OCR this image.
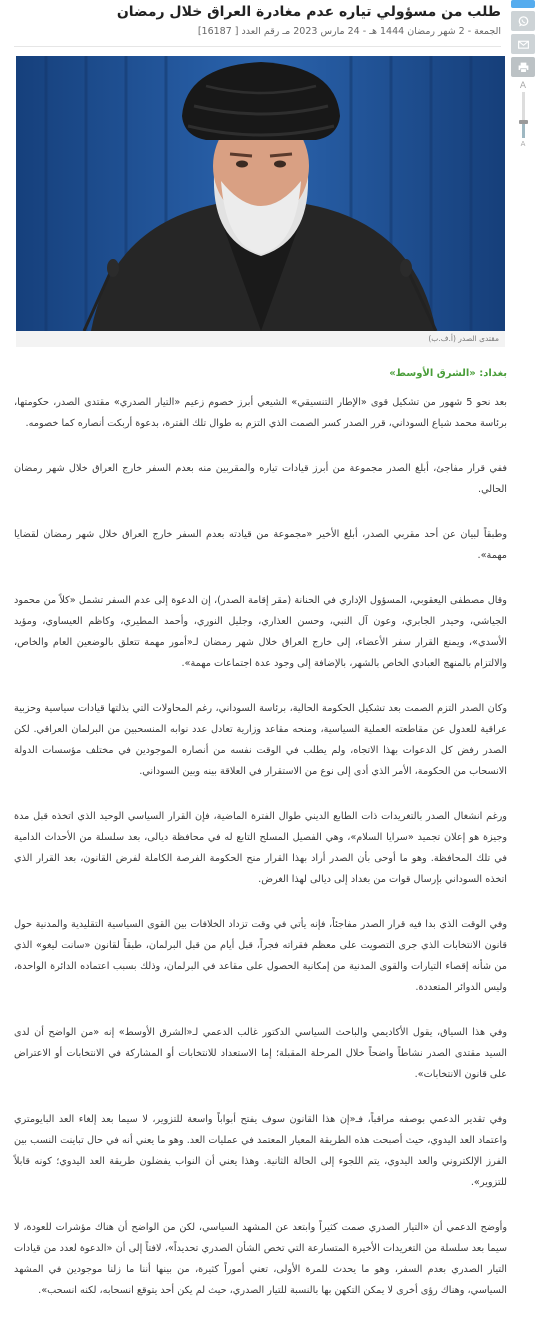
طلب من مسؤولي تياره عدم مغادرة العراق خلال رمضان
الجمعة - 2 شهر رمضان 1444 هـ - 24 مارس 2023 مـ رقم العدد [ 16187]
A
A
مقتدى الصدر (أ.ف.ب)
بغداد: «الشرق الأوسط»

بعد نحو 5 شهور من تشكيل قوى «الإطار التنسيقي» الشيعي أبرز خصوم زعيم «التيار الصدري» مقتدى الصدر، حكومتها، برئاسة محمد شياع السوداني، قرر الصدر كسر الصمت الذي التزم به طوال تلك الفترة، بدعوة أربكت أنصاره كما خصومه.

ففي قرار مفاجئ، أبلغ الصدر مجموعة من أبرز قيادات تياره والمقربين منه بعدم السفر خارج العراق خلال شهر رمضان الحالي.

وطبقاً لبيان عن أحد مقربي الصدر، أبلغ الأخير «مجموعة من قيادته بعدم السفر خارج العراق خلال شهر رمضان لقضايا مهمة».

وقال مصطفى اليعقوبي، المسؤول الإداري في الحنانة (مقر إقامة الصدر)، إن الدعوة إلى عدم السفر تشمل «كلاً من محمود الجياشي، وحيدر الجابري، وعون آل النبي، وحسن العذاري، وجليل النوري، وأحمد المطيري، وكاظم العيساوي، ومؤيد الأسدي»، ويمنع القرار سفر الأعضاء، إلى خارج العراق خلال شهر رمضان لـ«أمور مهمة تتعلق بالوضعين العام والخاص، والالتزام بالمنهج العبادي الخاص بالشهر، بالإضافة إلى وجود عدة اجتماعات مهمة».

وكان الصدر التزم الصمت بعد تشكيل الحكومة الحالية، برئاسة السوداني، رغم المحاولات التي بذلتها قيادات سياسية وحزبية عراقية للعدول عن مقاطعته العملية السياسية، ومنحه مقاعد وزارية تعادل عدد نوابه المنسحبين من البرلمان العراقي. لكن الصدر رفض كل الدعوات بهذا الاتجاه، ولم يطلب في الوقت نفسه من أنصاره الموجودين في مختلف مؤسسات الدولة الانسحاب من الحكومة، الأمر الذي أدى إلى نوع من الاستقرار في العلاقة بينه وبين السوداني.

ورغم انشغال الصدر بالتغريدات ذات الطابع الديني طوال الفترة الماضية، فإن القرار السياسي الوحيد الذي اتخذه قبل مدة وجيزة هو إعلان تجميد «سرايا السلام»، وهي الفصيل المسلح التابع له في محافظة ديالى، بعد سلسلة من الأحداث الدامية في تلك المحافظة. وهو ما أوحى بأن الصدر أراد بهذا القرار منح الحكومة الفرصة الكاملة لفرض القانون، بعد القرار الذي اتخذه السوداني بإرسال قوات من بغداد إلى ديالى لهذا الغرض.

وفي الوقت الذي بدا فيه قرار الصدر مفاجئاً، فإنه يأتي في وقت تزداد الخلافات بين القوى السياسية التقليدية والمدنية حول قانون الانتخابات الذي جرى التصويت على معظم فقراته فجراً، قبل أيام من قبل البرلمان، طبقاً لقانون «سانت ليغو» الذي من شأنه إقصاء التيارات والقوى المدنية من إمكانية الحصول على مقاعد في البرلمان، وذلك بسبب اعتماده الدائرة الواحدة، وليس الدوائر المتعددة.

وفي هذا السياق، يقول الأكاديمي والباحث السياسي الدكتور غالب الدعمي لـ«الشرق الأوسط» إنه «من الواضح أن لدى السيد مقتدى الصدر نشاطاً واضحاً خلال المرحلة المقبلة؛ إما الاستعداد للانتخابات أو المشاركة في الانتخابات أو الاعتراض على قانون الانتخابات».

وفي تقدير الدعمي بوصفه مراقباً، فـ«إن هذا القانون سوف يفتح أبواباً واسعة للتزوير، لا سيما بعد إلغاء العد البايومتري واعتماد العد اليدوي، حيث أصبحت هذه الطريقة المعيار المعتمد في عمليات العد. وهو ما يعني أنه في حال تباينت النسب بين الفرز الإلكتروني والعد اليدوي، يتم اللجوء إلى الحالة الثانية. وهذا يعني أن النواب يفضلون طريقة العد اليدوي؛ كونه قابلاً للتزوير».

وأوضح الدعمي أن «التيار الصدري صمت كثيراً وابتعد عن المشهد السياسي، لكن من الواضح أن هناك مؤشرات للعودة، لا سيما بعد سلسلة من التغريدات الأخيرة المتسارعة التي تخص الشأن الصدري تحديداً»، لافتاً إلى أن «الدعوة لعدد من قيادات التيار الصدري بعدم السفر، وهو ما يحدث للمرة الأولى، تعني أموراً كثيرة، من بينها أننا ما زلنا موجودين في المشهد السياسي، وهناك رؤى أخرى لا يمكن التكهن بها بالنسبة للتيار الصدري، حيث لم يكن أحد يتوقع انسحابه، لكنه انسحب».
